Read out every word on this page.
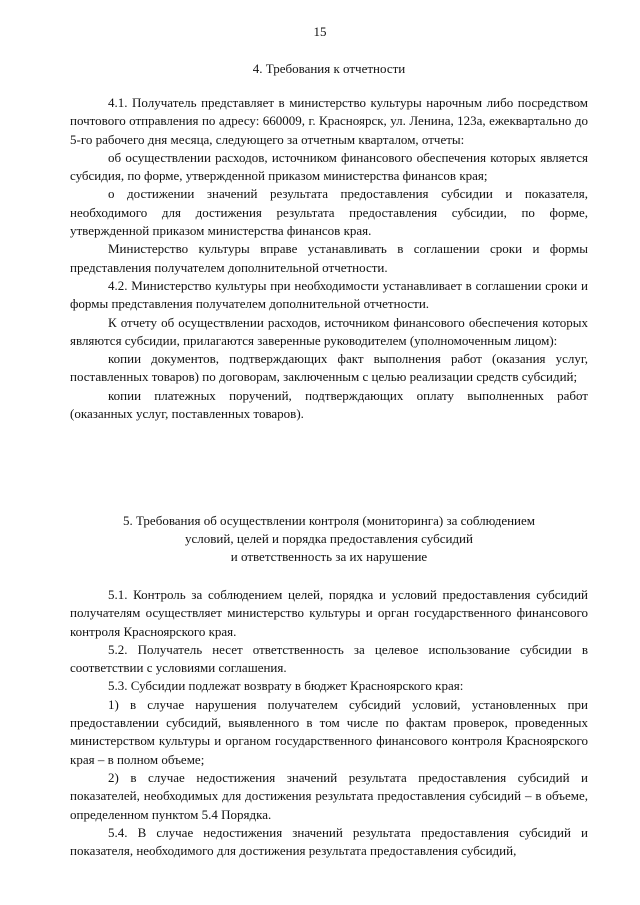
15
4. Требования к отчетности

4.1. Получатель представляет в министерство культуры нарочным либо посредством почтового отправления по адресу: 660009, г. Красноярск, ул. Ленина, 123а, ежеквартально до 5-го рабочего дня месяца, следующего за отчетным кварталом, отчеты:

об осуществлении расходов, источником финансового обеспечения которых является субсидия, по форме, утвержденной приказом министерства финансов края;

о достижении значений результата предоставления субсидии и показателя, необходимого для достижения результата предоставления субсидии, по форме, утвержденной приказом министерства финансов края.

Министерство культуры вправе устанавливать в соглашении сроки и формы представления получателем дополнительной отчетности.

4.2. Министерство культуры при необходимости устанавливает в соглашении сроки и формы представления получателем дополнительной отчетности.

К отчету об осуществлении расходов, источником финансового обеспечения которых являются субсидии, прилагаются заверенные руководителем (уполномоченным лицом):

копии документов, подтверждающих факт выполнения работ (оказания услуг, поставленных товаров) по договорам, заключенным с целью реализации средств субсидий;

копии платежных поручений, подтверждающих оплату выполненных работ (оказанных услуг, поставленных товаров).

5. Требования об осуществлении контроля (мониторинга) за соблюдением
условий, целей и порядка предоставления субсидий
и ответственность за их нарушение

5.1. Контроль за соблюдением целей, порядка и условий предоставления субсидий получателям осуществляет министерство культуры и орган государственного финансового контроля Красноярского края.

5.2. Получатель несет ответственность за целевое использование субсидии в соответствии с условиями соглашения.

5.3. Субсидии подлежат возврату в бюджет Красноярского края:

1) в случае нарушения получателем субсидий условий, установленных при предоставлении субсидий, выявленного в том числе по фактам проверок, проведенных министерством культуры и органом государственного финансового контроля Красноярского края – в полном объеме;

2) в случае недостижения значений результата предоставления субсидий и показателей, необходимых для достижения результата предоставления субсидий – в объеме, определенном пунктом 5.4 Порядка.

5.4. В случае недостижения значений результата предоставления субсидий и показателя, необходимого для достижения результата предоставления субсидий,
